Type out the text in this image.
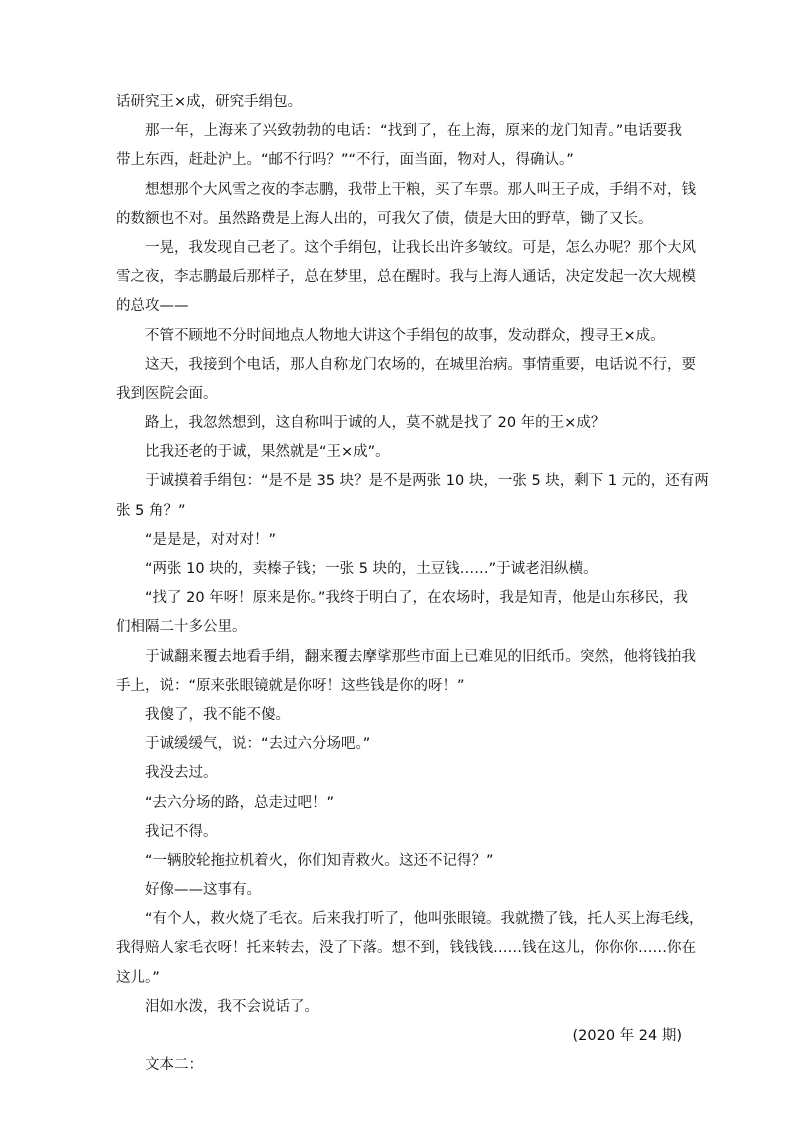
话研究王×成，研究手绢包。
那一年，上海来了兴致勃勃的电话：“找到了，在上海，原来的龙门知青。”电话要我
带上东西，赶赴沪上。“邮不行吗？”“不行，面当面，物对人，得确认。”
想想那个大风雪之夜的李志鹏，我带上干粮，买了车票。那人叫王子成，手绢不对，钱
的数额也不对。虽然路费是上海人出的，可我欠了债，债是大田的野草，锄了又长。
一晃，我发现自己老了。这个手绢包，让我长出许多皱纹。可是，怎么办呢？那个大风
雪之夜，李志鹏最后那样子，总在梦里，总在醒时。我与上海人通话，决定发起一次大规模
的总攻——
不管不顾地不分时间地点人物地大讲这个手绢包的故事，发动群众，搜寻王×成。
这天，我接到个电话，那人自称龙门农场的，在城里治病。事情重要，电话说不行，要
我到医院会面。
路上，我忽然想到，这自称叫于诚的人，莫不就是找了 20 年的王×成？
比我还老的于诚，果然就是“王×成”。
于诚摸着手绢包：“是不是 35 块？是不是两张 10 块，一张 5 块，剩下 1 元的，还有两
张 5 角？”
“是是是，对对对！”
“两张 10 块的，卖榛子钱；一张 5 块的，土豆钱……”于诚老泪纵横。
“找了 20 年呀！原来是你。”我终于明白了，在农场时，我是知青，他是山东移民，我
们相隔二十多公里。
于诚翻来覆去地看手绢，翻来覆去摩挲那些市面上已难见的旧纸币。突然，他将钱拍我
手上，说：“原来张眼镜就是你呀！这些钱是你的呀！”
我傻了，我不能不傻。
于诚缓缓气，说：“去过六分场吧。”
我没去过。
“去六分场的路，总走过吧！”
我记不得。
“一辆胶轮拖拉机着火，你们知青救火。这还不记得？”
好像——这事有。
“有个人，救火烧了毛衣。后来我打听了，他叫张眼镜。我就攒了钱，托人买上海毛线，
我得赔人家毛衣呀！托来转去，没了下落。想不到，钱钱钱……钱在这儿，你你你……你在
这儿。”
泪如水泼，我不会说话了。
(2020 年 24 期)
文本二：
